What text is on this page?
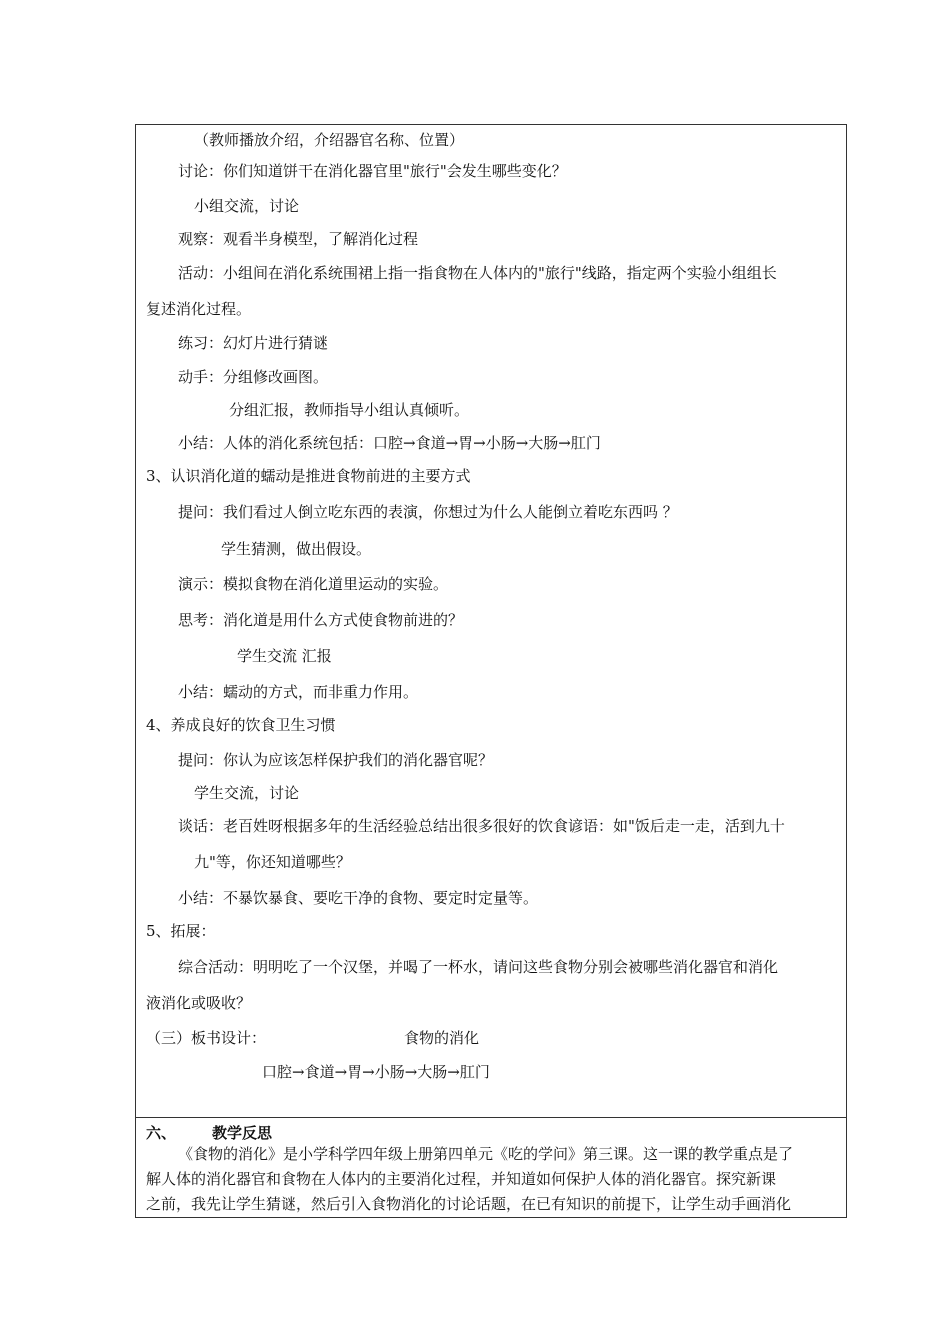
（教师播放介绍，介绍器官名称、位置）
讨论：你们知道饼干在消化器官里"旅行"会发生哪些变化？
小组交流，讨论
观察：观看半身模型，了解消化过程
活动：小组间在消化系统围裙上指一指食物在人体内的"旅行"线路，指定两个实验小组组长
复述消化过程。
练习：幻灯片进行猜谜
动手：分组修改画图。
分组汇报，教师指导小组认真倾听。
小结：人体的消化系统包括：口腔→食道→胃→小肠→大肠→肛门
3、认识消化道的蠕动是推进食物前进的主要方式
提问：我们看过人倒立吃东西的表演，你想过为什么人能倒立着吃东西吗 ？
学生猜测，做出假设。
演示：模拟食物在消化道里运动的实验。
思考：消化道是用什么方式使食物前进的？
学生交流 汇报
小结：蠕动的方式，而非重力作用。
4、养成良好的饮食卫生习惯
提问：你认为应该怎样保护我们的消化器官呢？
学生交流，讨论
谈话：老百姓呀根据多年的生活经验总结出很多很好的饮食谚语：如"饭后走一走，活到九十
九"等，你还知道哪些？
小结：不暴饮暴食、要吃干净的食物、要定时定量等。
5、拓展：
综合活动：明明吃了一个汉堡，并喝了一杯水，请问这些食物分别会被哪些消化器官和消化
液消化或吸收？
（三）板书设计：	食物的消化
口腔→食道→胃→小肠→大肠→肛门
六、 教学反思
《食物的消化》是小学科学四年级上册第四单元《吃的学问》第三课。这一课的教学重点是了
解人体的消化器官和食物在人体内的主要消化过程，并知道如何保护人体的消化器官。探究新课
之前，我先让学生猜谜，然后引入食物消化的讨论话题，在已有知识的前提下，让学生动手画消化
